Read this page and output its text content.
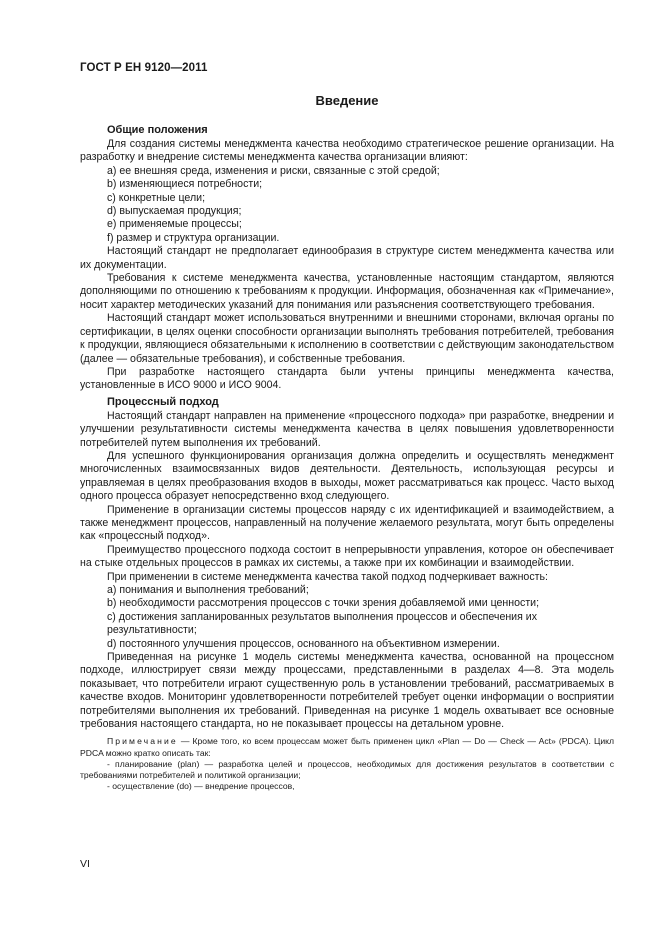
ГОСТ Р ЕН 9120—2011
Введение
Общие положения

Для создания системы менеджмента качества необходимо стратегическое решение организации. На разработку и внедрение системы менеджмента качества организации влияют:

a) ее внешняя среда, изменения и риски, связанные с этой средой;
b) изменяющиеся потребности;
c) конкретные цели;
d) выпускаемая продукция;
e) применяемые процессы;
f) размер и структура организации.

Настоящий стандарт не предполагает единообразия в структуре систем менеджмента качества или их документации.

Требования к системе менеджмента качества, установленные настоящим стандартом, являются дополняющими по отношению к требованиям к продукции. Информация, обозначенная как «Примечание», носит характер методических указаний для понимания или разъяснения соответствующего требования.

Настоящий стандарт может использоваться внутренними и внешними сторонами, включая органы по сертификации, в целях оценки способности организации выполнять требования потребителей, требования к продукции, являющиеся обязательными к исполнению в соответствии с действующим законодательством (далее — обязательные требования), и собственные требования.

При разработке настоящего стандарта были учтены принципы менеджмента качества, установленные в ИСО 9000 и ИСО 9004.

Процессный подход

Настоящий стандарт направлен на применение «процессного подхода» при разработке, внедрении и улучшении результативности системы менеджмента качества в целях повышения удовлетворенности потребителей путем выполнения их требований.

Для успешного функционирования организация должна определить и осуществлять менеджмент многочисленных взаимосвязанных видов деятельности. Деятельность, использующая ресурсы и управляемая в целях преобразования входов в выходы, может рассматриваться как процесс. Часто выход одного процесса образует непосредственно вход следующего.

Применение в организации системы процессов наряду с их идентификацией и взаимодействием, а также менеджмент процессов, направленный на получение желаемого результата, могут быть определены как «процессный подход».

Преимущество процессного подхода состоит в непрерывности управления, которое он обеспечивает на стыке отдельных процессов в рамках их системы, а также при их комбинации и взаимодействии.

При применении в системе менеджмента качества такой подход подчеркивает важность:

a) понимания и выполнения требований;
b) необходимости рассмотрения процессов с точки зрения добавляемой ими ценности;
c) достижения запланированных результатов выполнения процессов и обеспечения их результативности;
d) постоянного улучшения процессов, основанного на объективном измерении.

Приведенная на рисунке 1 модель системы менеджмента качества, основанной на процессном подходе, иллюстрирует связи между процессами, представленными в разделах 4—8. Эта модель показывает, что потребители играют существенную роль в установлении требований, рассматриваемых в качестве входов. Мониторинг удовлетворенности потребителей требует оценки информации о восприятии потребителями выполнения их требований. Приведенная на рисунке 1 модель охватывает все основные требования настоящего стандарта, но не показывает процессы на детальном уровне.

Примечание — Кроме того, ко всем процессам может быть применен цикл «Plan — Do — Check — Act» (PDCA). Цикл PDCA можно кратко описать так:

- планирование (plan) — разработка целей и процессов, необходимых для достижения результатов в соответствии с требованиями потребителей и политикой организации;

- осуществление (do) — внедрение процессов,

VI
